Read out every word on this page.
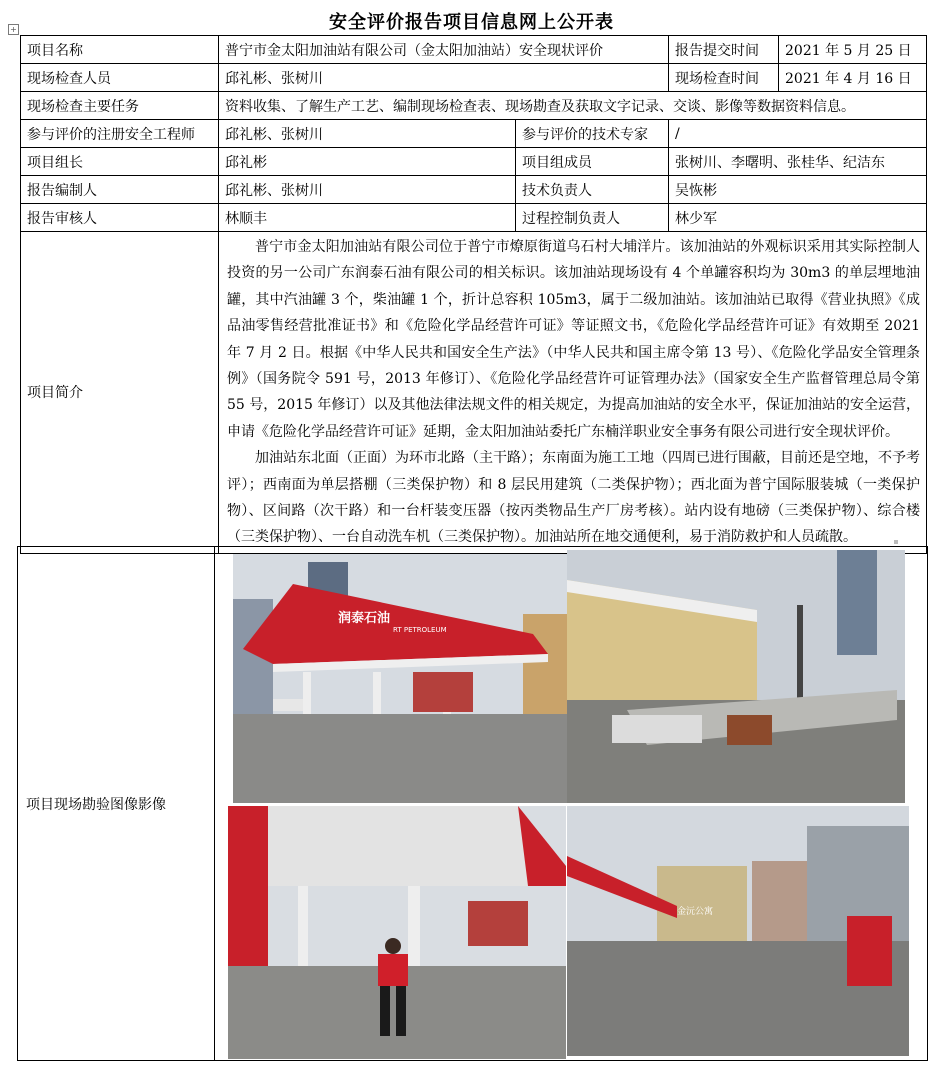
安全评价报告项目信息网上公开表
+
项目名称	普宁市金太阳加油站有限公司（金太阳加油站）安全现状评价		报告提交时间	2021 年 5 月 25 日
现场检查人员	邱礼彬、张树川		现场检查时间	2021 年 4 月 16 日
现场检查主要任务	资料收集、了解生产工艺、编制现场检查表、现场勘查及获取文字记录、交谈、影像等数据资料信息。			
参与评价的注册安全工程师	邱礼彬、张树川	参与评价的技术专家	/	
项目组长	邱礼彬	项目组成员	张树川、李曙明、张桂华、纪洁东	
报告编制人	邱礼彬、张树川	技术负责人	吴恢彬	
报告审核人	林顺丰	过程控制负责人	林少军	
项目简介	普宁市金太阳加油站有限公司位于普宁市燎原街道乌石村大埔洋片。该加油站的外观标识采用其实际控制人投资的另一公司广东润泰石油有限公司的相关标识。该加油站现场设有 4 个单罐容积均为 30m3 的单层埋地油罐，其中汽油罐 3 个，柴油罐 1 个，折计总容积 105m3，属于二级加油站。该加油站已取得《营业执照》《成品油零售经营批准证书》和《危险化学品经营许可证》等证照文书，《危险化学品经营许可证》有效期至 2021 年 7 月 2 日。根据《中华人民共和国安全生产法》（中华人民共和国主席令第 13 号）、《危险化学品安全管理条例》（国务院令 591 号，2013 年修订）、《危险化学品经营许可证管理办法》（国家安全生产监督管理总局令第 55 号，2015 年修订）以及其他法律法规文件的相关规定，为提高加油站的安全水平，保证加油站的安全运营，申请《危险化学品经营许可证》延期，金太阳加油站委托广东楠洋职业安全事务有限公司进行安全现状评价。

加油站东北面（正面）为环市北路（主干路）；东南面为施工工地（四周已进行围蔽，目前还是空地，不予考评）；西南面为单层搭棚（三类保护物）和 8 层民用建筑（二类保护物）；西北面为普宁国际服装城（一类保护物）、区间路（次干路）和一台杆装变压器（按丙类物品生产厂房考核）。站内设有地磅（三类保护物）、综合楼（三类保护物）、一台自动洗车机（三类保护物）。加油站所在地交通便利，易于消防救护和人员疏散。			

项目现场勘验图像影像	
润泰石油
RT PETROLEUM
金沅公寓
